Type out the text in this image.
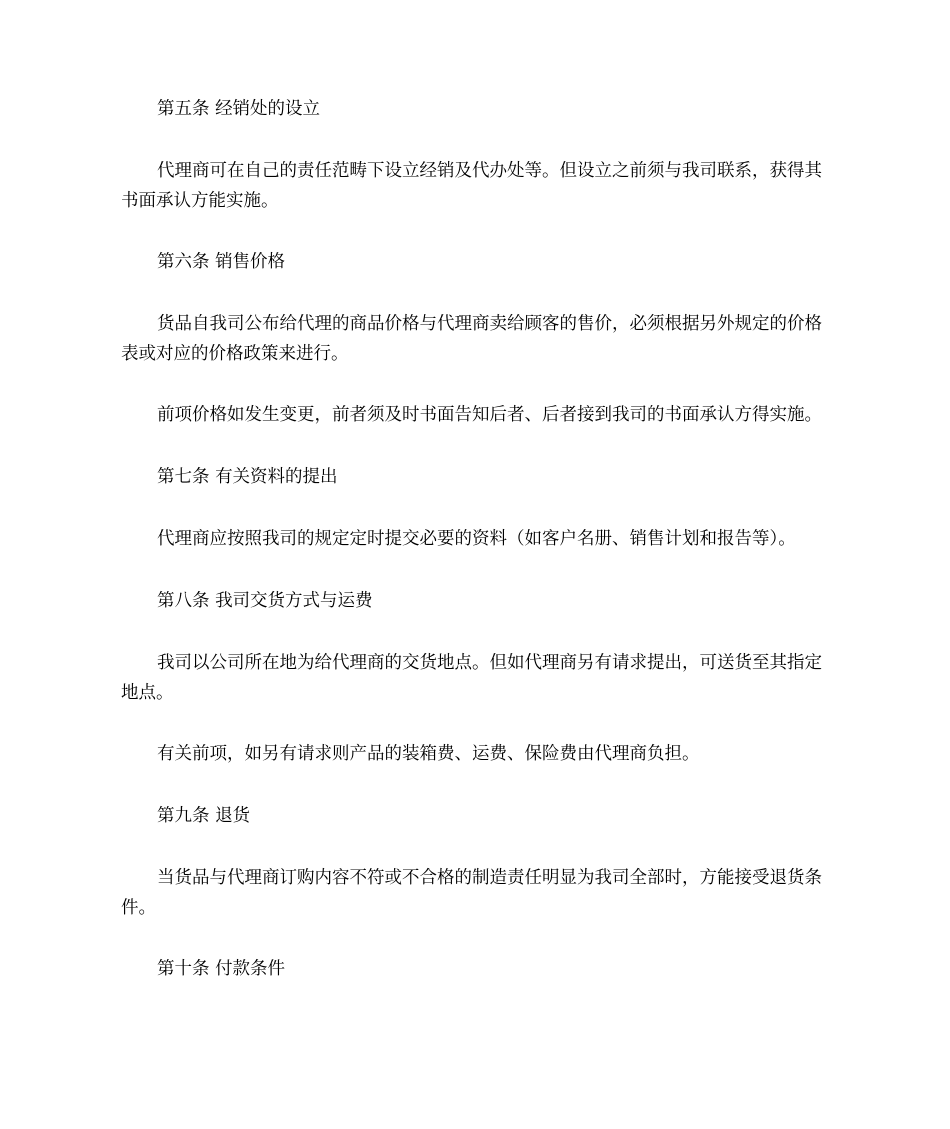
第五条 经销处的设立

代理商可在自己的责任范畴下设立经销及代办处等。但设立之前须与我司联系，获得其书面承认方能实施。

第六条 销售价格

货品自我司公布给代理的商品价格与代理商卖给顾客的售价，必须根据另外规定的价格表或对应的价格政策来进行。

前项价格如发生变更，前者须及时书面告知后者、后者接到我司的书面承认方得实施。

第七条 有关资料的提出

代理商应按照我司的规定定时提交必要的资料（如客户名册、销售计划和报告等）。

第八条 我司交货方式与运费

我司以公司所在地为给代理商的交货地点。但如代理商另有请求提出，可送货至其指定地点。

有关前项，如另有请求则产品的装箱费、运费、保险费由代理商负担。

第九条 退货

当货品与代理商订购内容不符或不合格的制造责任明显为我司全部时，方能接受退货条件。

第十条 付款条件
